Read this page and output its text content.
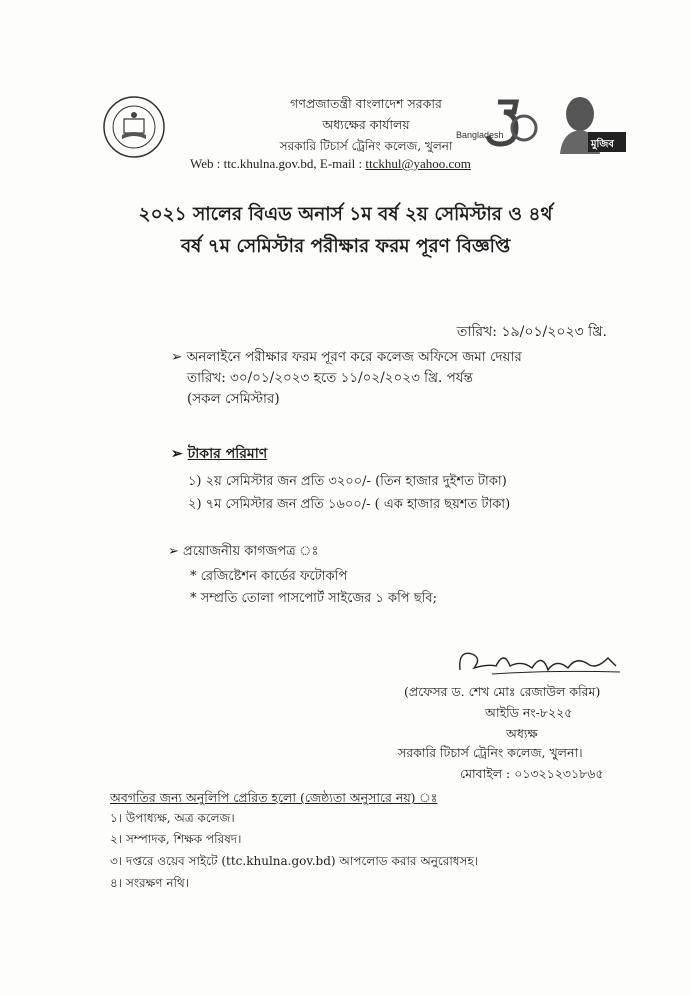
গণপ্রজাতন্ত্রী বাংলাদেশ সরকার
অধ্যক্ষের কার্যালয়
সরকারি টিচার্স ট্রেনিং কলেজ, খুলনা
Web : ttc.khulna.gov.bd, E-mail : ttckhul@yahoo.com
Bangladesh
মুজিব
২০২১ সালের বিএড অনার্স ১ম বর্ষ ২য় সেমিস্টার ও ৪র্থ
বর্ষ ৭ম সেমিস্টার পরীক্ষার ফরম পূরণ বিজ্ঞপ্তি
তারিখ: ১৯/০১/২০২৩ খ্রি.
➢ অনলাইনে পরীক্ষার ফরম পূরণ করে কলেজ অফিসে জমা দেয়ার
তারিখ: ৩০/০১/২০২৩ হতে ১১/০২/২০২৩ খ্রি. পর্যন্ত
(সকল সেমিস্টার)
➢ টাকার পরিমাণ
১) ২য় সেমিস্টার জন প্রতি ৩২০০/- (তিন হাজার দুইশত টাকা)
২) ৭ম সেমিস্টার জন প্রতি ১৬০০/- ( এক হাজার ছয়শত টাকা)
➢ প্রয়োজনীয় কাগজপত্র ঃ
* রেজিষ্টেশন কার্ডের ফটোকপি
* সম্প্রতি তোলা পাসপোর্ট সাইজের ১ কপি ছবি;
(প্রফেসর ড. শেখ মোঃ রেজাউল করিম)
আইডি নং-৮২২৫
অধ্যক্ষ
সরকারি টিচার্স ট্রেনিং কলেজ, খুলনা।
মোবাইল : ০১৩২১২৩১৮৬৫
অবগতির জন্য অনুলিপি প্রেরিত হলো (জেষ্ঠ্যতা অনুসারে নয়) ঃ
১। উপাধ্যক্ষ, অত্র কলেজ।
২। সম্পাদক, শিক্ষক পরিষদ।
৩। দপ্তরে ওয়েব সাইটে (ttc.khulna.gov.bd) আপলোড করার অনুরোধসহ।
৪। সংরক্ষণ নথি।
